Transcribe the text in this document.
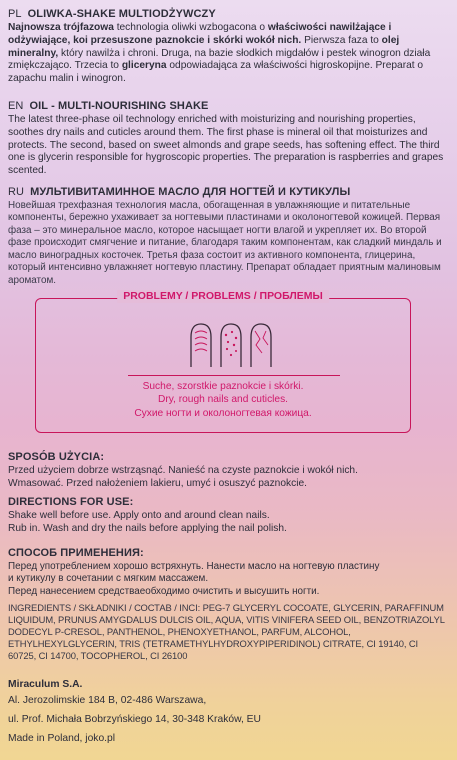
PL OLIWKA-SHAKE MULTIODŻYWCZY

Najnowsza trójfazowa technologia oliwki wzbogacona o właściwości nawilżające i odżywiające, koi przesuszone paznokcie i skórki wokół nich. Pierwsza faza to olej mineralny, który nawilża i chroni. Druga, na bazie słodkich migdałów i pestek winogron działa zmiękczająco. Trzecia to gliceryna odpowiadająca za właściwości higroskopijne. Preparat o zapachu malin i winogron.

EN OIL - MULTI-NOURISHING SHAKE

The latest three-phase oil technology enriched with moisturizing and nourishing properties, soothes dry nails and cuticles around them. The first phase is mineral oil that moisturizes and protects. The second, based on sweet almonds and grape seeds, has softening effect. The third one is glycerin responsible for hygroscopic properties. The preparation is raspberries and grapes scented.

RU МУЛЬТИВИТАМИННОЕ МАСЛО ДЛЯ НОГТЕЙ И КУТИКУЛЫ

Новейшая трехфазная технология масла, обогащенная в увлажняющие и питательные компоненты, бережно ухаживает за ногтевыми пластинами и околоногтевой кожицей. Первая фаза – это минеральное масло, которое насыщает ногти влагой и укрепляет их. Во второй фазе происходит смягчение и питание, благодаря таким компонентам, как сладкий миндаль и масло виноградных косточек. Третья фаза состоит из активного компонента, глицерина, который интенсивно увлажняет ногтевую пластину. Препарат обладает приятным малиновым ароматом.

PROBLEMY / PROBLEMS / ПРОБЛЕМЫ
Suche, szorstkie paznokcie i skórki.
Dry, rough nails and cuticles.
Сухие ногти и околоногтевая кожица.
SPOSÓB UŻYCIA:

Przed użyciem dobrze wstrząsnąć. Nanieść na czyste paznokcie i wokół nich.

Wmasować. Przed nałożeniem lakieru, umyć i osuszyć paznokcie.

DIRECTIONS FOR USE:

Shake well before use. Apply onto and around clean nails.

Rub in. Wash and dry the nails before applying the nail polish.

СПОСОБ ПРИМЕНЕНИЯ:

Перед употреблением хорошо встряхнуть. Нанести масло на ногтевую пластину

и кутикулу в сочетании с мягким массажем.

Перед нанесением средстваеобходимо очистить и высушить ногти.

INGREDIENTS / SKŁADNIKI / СОСТАВ / INCI: PEG-7 GLYCERYL COCOATE, GLYCERIN, PARAFFINUM LIQUIDUM, PRUNUS AMYGDALUS DULCIS OIL, AQUA, VITIS VINIFERA SEED OIL, BENZOTRIAZOLYL DODECYL P-CRESOL, PANTHENOL, PHENOXYETHANOL, PARFUM, ALCOHOL, ETHYLHEXYLGLYCERIN, TRIS (TETRAMETHYLHYDROXYPIPERIDINOL) CITRATE, CI 19140, CI 60725, CI 14700, TOCOPHEROL, CI 26100

Miraculum S.A.
Al. Jerozolimskie 184 B, 02-486 Warszawa,
ul. Prof. Michała Bobrzyńskiego 14, 30-348 Kraków, EU
Made in Poland, joko.pl
